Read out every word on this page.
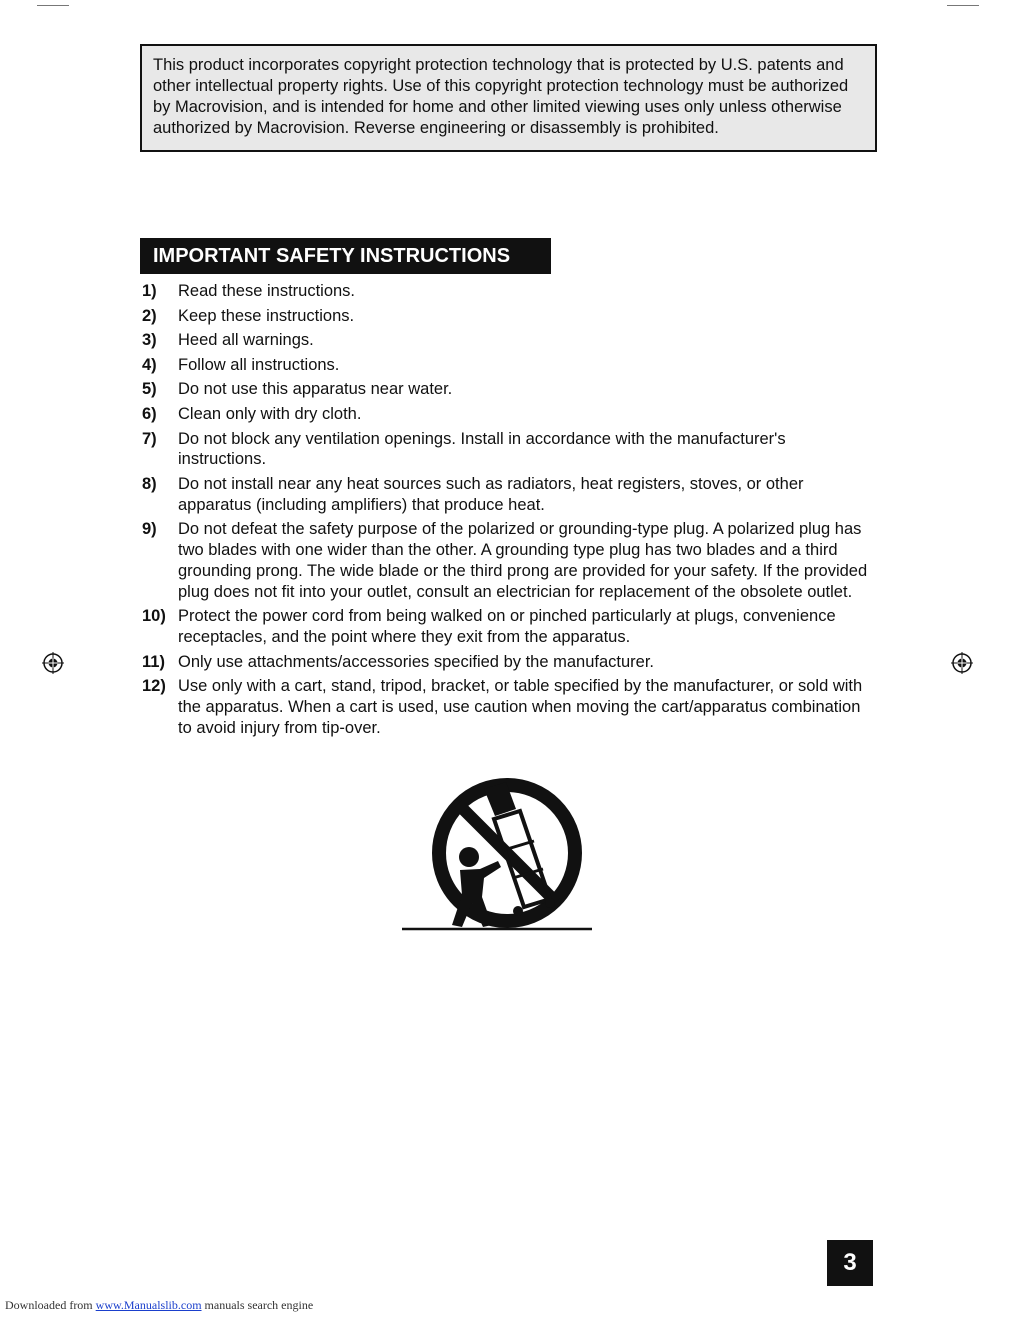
This product incorporates copyright protection technology that is protected by U.S. patents and other intellectual property rights. Use of this copyright protection technology must be authorized by Macrovision, and is intended for home and other limited viewing uses only unless otherwise authorized by Macrovision. Reverse engineering or disassembly is prohibited.
IMPORTANT SAFETY INSTRUCTIONS
1)	Read these instructions.
2)	Keep these instructions.
3)	Heed all warnings.
4)	Follow all instructions.
5)	Do not use this apparatus near water.
6)	Clean only with dry cloth.
7)	Do not block any ventilation openings. Install in accordance with the manufacturer's instructions.
8)	Do not install near any heat sources such as radiators, heat registers, stoves, or other apparatus (including amplifiers) that produce heat.
9)	Do not defeat the safety purpose of the polarized or grounding-type plug. A polarized plug has two blades with one wider than the other. A grounding type plug has two blades and a third grounding prong. The wide blade or the third prong are provided for your safety. If the provided plug does not fit into your outlet, consult an electrician for replacement of the obsolete outlet.
10) Protect the power cord from being walked on or pinched particularly at plugs, convenience receptacles, and the point where they exit from the apparatus.
11) Only use attachments/accessories specified by the manufacturer.
12) Use only with a cart, stand, tripod, bracket, or table specified by the manufacturer, or sold with the apparatus. When a cart is used, use caution when moving the cart/apparatus combination to avoid injury from tip-over.
3
Downloaded from www.Manualslib.com manuals search engine
